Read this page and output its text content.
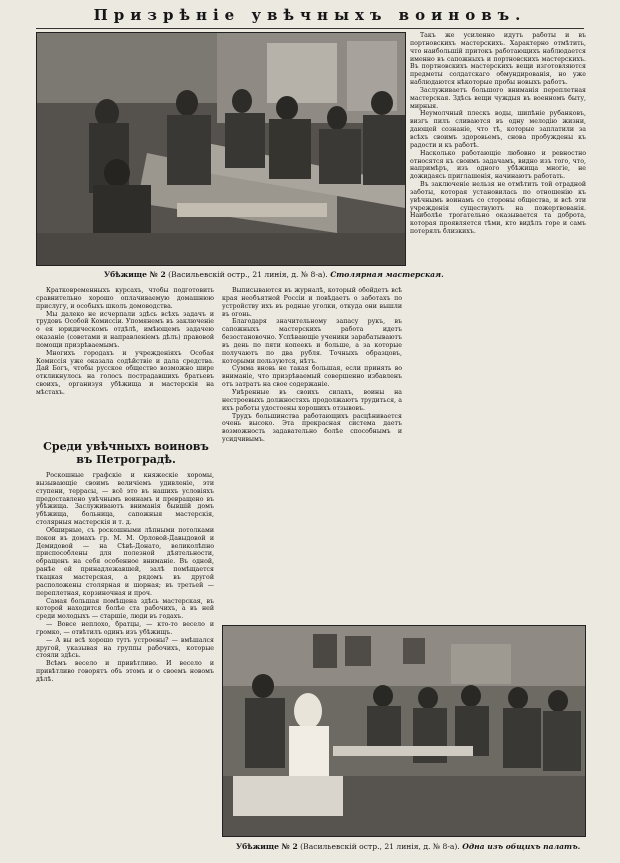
Призрѣнiе увѣчныхъ воиновъ.
Убѣжище № 2 (Васильевскiй остр., 21 линiя, д. № 8-а). Столярная мастерская.

Такъ же усиленно идутъ работы и въ портновскихъ мастерскихъ. Характерно отмѣтить, что наибольшiй притокъ работающихъ наблюдается именно въ сапожныхъ и портновскихъ мастерскихъ. Въ портновскихъ мастерскихъ вещи изготовляются предметы солдатскаго обмундированiя, но уже наблюдаются нѣкоторые пробы новыхъ работъ.

Заслуживаетъ большого вниманiя переплетная мастерская. Здѣсь вещи чуждыя въ военномъ быту, мирныя.

Неумолчный плескъ воды, шипѣнiе рубанковъ, визгъ пилъ сливаются въ одну мелодiю жизни, дающей сознанiе, что тѣ, которые заплатили за всѣхъ своимъ здоровьемъ, снова пробуждены къ радости и къ работѣ.

Насколько работающiе любовно и ревностно относятся къ своимъ задачамъ, видно изъ того, что, напримѣръ, изъ одного убѣжища многiе, не дожидаясь приглашенiя, начинаютъ работать.

Въ заключенiе нельзя не отмѣтить той отрадной заботы, которая установилась по отношенiю къ увѣчнымъ воинамъ со стороны общества, и всѣ эти учрежденiя существуютъ на пожертвованiя. Наиболѣе трогательно оказывается та доброта, которая проявляется тѣми, кто видѣлъ горе и самъ потерялъ близкихъ.

Кратковременныхъ курсахъ, чтобы подготовить сравнительно хорошо оплачиваемую домашнюю прислугу, и особыхъ школъ домоводства.

Мы далеко не исчерпали здѣсь всѣхъ задачъ и трудовъ Особой Комиссiи. Упомянемъ въ заключенiе о ея юридическомъ отдѣлѣ, имѣющемъ задачею оказанiе (советами и направленiемъ дѣлъ) правовой помощи призрѣваемымъ.

Многихъ городахъ и учрежденiяхъ Особая Комиссiя уже оказала содѣйствiе и дала средства. Дай Богъ, чтобы русское общество возможно шире откликнулось на голосъ пострадавшихъ братьевъ своихъ, организуя убѣжища и мастерскiя на мѣстахъ.

Среди увѣчныхъ воиновъ въ Петроградѣ.

Роскошные графскiе и княжескiе хоромы, вызывающiе своимъ величiемъ удивленiе, эти ступени, террасы, — всё это въ нашихъ условiяхъ предоставлено увѣчнымъ воинамъ и превращено въ убѣжища. Заслуживаютъ вниманiя бывшiй домъ убѣжища, больница, сапожныя мастерскiя, столярныя мастерскiя и т. д.

Обширные, съ роскошными лѣпными потолками покои въ домахъ гр. М. М. Орловой-Давыдовой и Демидовой — на Сѣвѣ-Донато, великолѣпно приспособлены для полезной дѣятельности, обращенъ на себя особенное вниманiе. Въ одной, ранѣе ей принадлежавшей, залѣ помѣщается ткацкая мастерская, а рядомъ въ другой расположены столярная и шорная; въ третьей — переплетная, корзиночная и проч.

Самая большая помѣщена здѣсь мастерская, въ которой находится болѣе ста рабочихъ, а въ ней среди молодыхъ — старшiе, люди въ годахъ.

— Вовсе неплохо, братцы, — кто-то весело и громко, — отвѣтилъ одинъ изъ убѣжищъ.

— А вы всѣ хорошо тутъ устроены? — вмѣшался другой, указывая на группы рабочихъ, которые стояли здѣсь.

Всѣмъ весело и привѣтливо. И весело и привѣтливо говорятъ объ этомъ и о своемъ новомъ дѣлѣ.

Выписываются въ журналѣ, который обойдетъ всѣ края необъятной Россiи и повѣдаетъ о заботахъ по устройству ихъ въ родные уголки, откуда они вышли въ огонь.

Благодаря значительному запасу рукъ, въ сапожныхъ мастерскихъ работа идетъ безостановочно. Успѣвающiе ученики зарабатываютъ въ день по пяти копеекъ и больше, а за которые получаютъ по два рубля. Точныхъ образцовъ, которыми пользуются, нѣтъ.

Сумма вновь не такая большая, если принять во вниманiе, что призрѣваемый совершенно избавленъ отъ затратъ на свое содержанiе.

Уиѣренные въ своихъ силахъ, воины на нестроевыхъ должностяхъ продолжаютъ трудиться, а ихъ работы удостоены хорошихъ отзывовъ.

Трудъ большинства работающихъ расцѣнивается очень высоко. Эта прекрасная система даетъ возможность задавательно болѣе способнымъ и усидчивымъ.

Убѣжище № 2 (Васильевскiй остр., 21 линiя, д. № 8-а). Одна изъ общихъ палатъ.
